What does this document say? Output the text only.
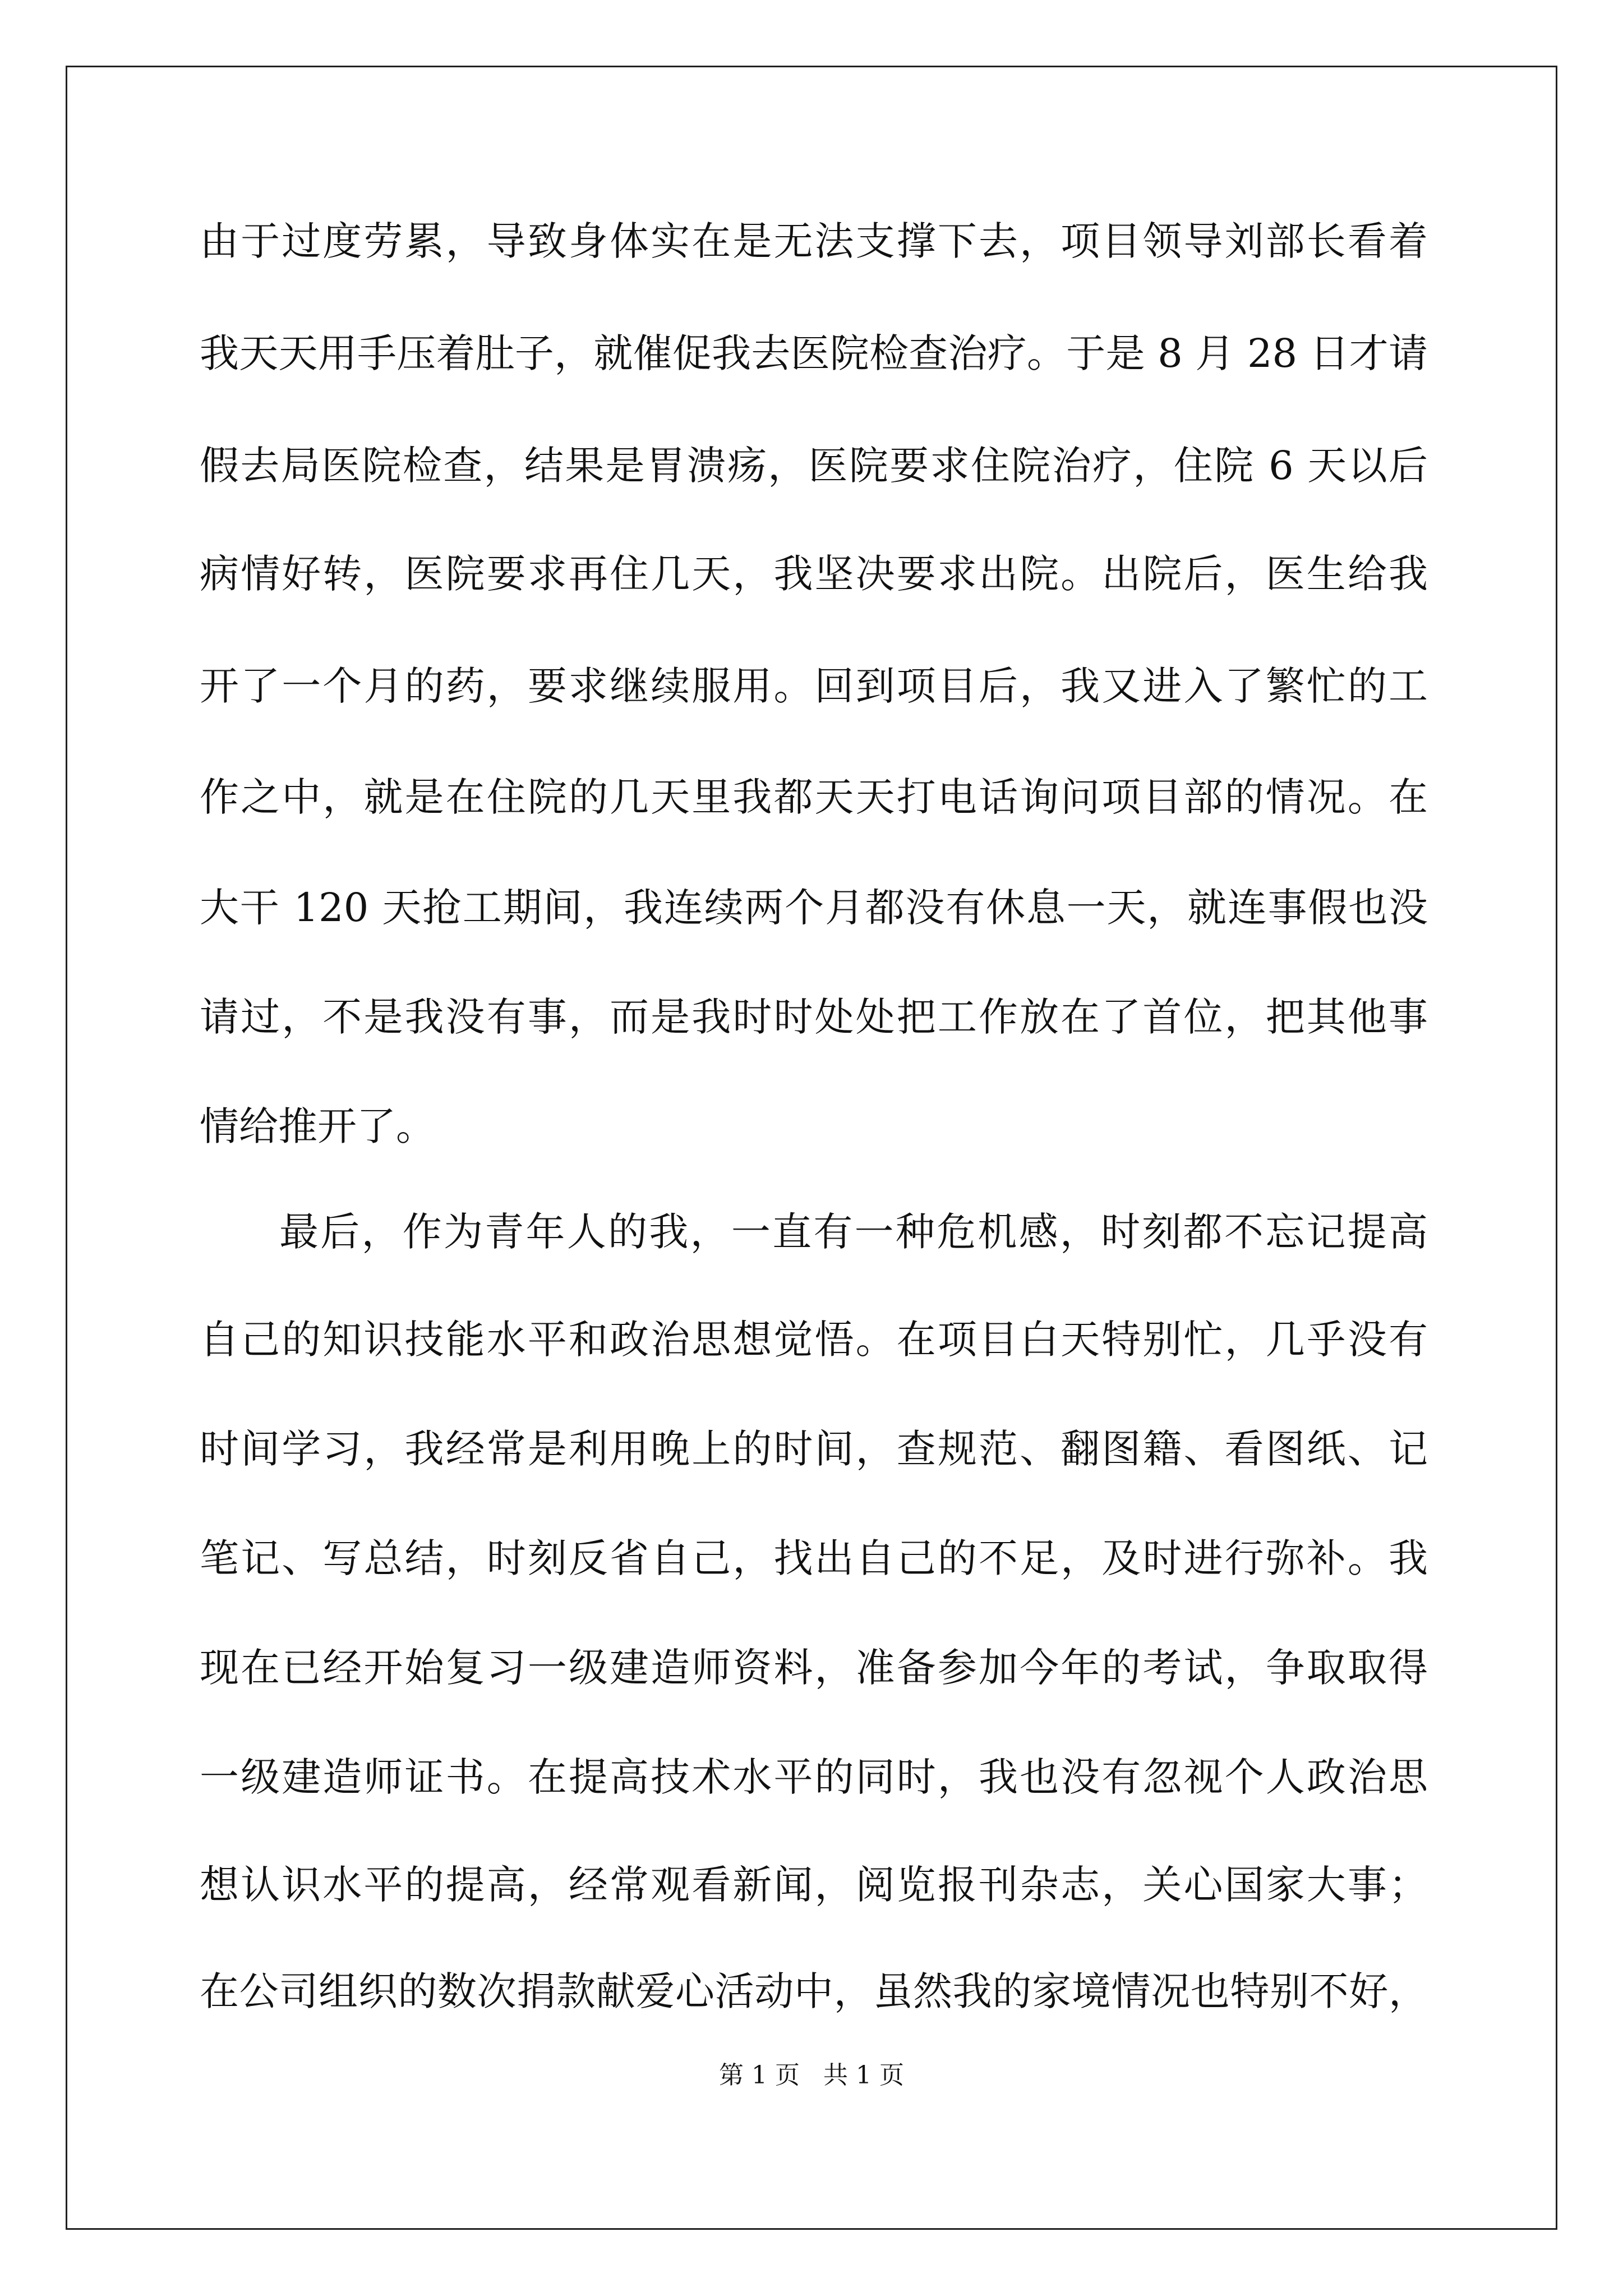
由于过度劳累，导致身体实在是无法支撑下去，项目领导刘部长看着

我天天用手压着肚子，就催促我去医院检查治疗。于是 8 月 28 日才请

假去局医院检查，结果是胃溃疡，医院要求住院治疗，住院 6 天以后

病情好转，医院要求再住几天，我坚决要求出院。出院后，医生给我

开了一个月的药，要求继续服用。回到项目后，我又进入了繁忙的工

作之中，就是在住院的几天里我都天天打电话询问项目部的情况。在

大干 120 天抢工期间，我连续两个月都没有休息一天，就连事假也没

请过，不是我没有事，而是我时时处处把工作放在了首位，把其他事

情给推开了。

最后，作为青年人的我，一直有一种危机感，时刻都不忘记提高

自己的知识技能水平和政治思想觉悟。在项目白天特别忙，几乎没有

时间学习，我经常是利用晚上的时间，查规范、翻图籍、看图纸、记

笔记、写总结，时刻反省自己，找出自己的不足，及时进行弥补。我

现在已经开始复习一级建造师资料，准备参加今年的考试，争取取得

一级建造师证书。在提高技术水平的同时，我也没有忽视个人政治思

想认识水平的提高，经常观看新闻，阅览报刊杂志，关心国家大事；

在公司组织的数次捐款献爱心活动中，虽然我的家境情况也特别不好，

第 1 页   共 1 页
